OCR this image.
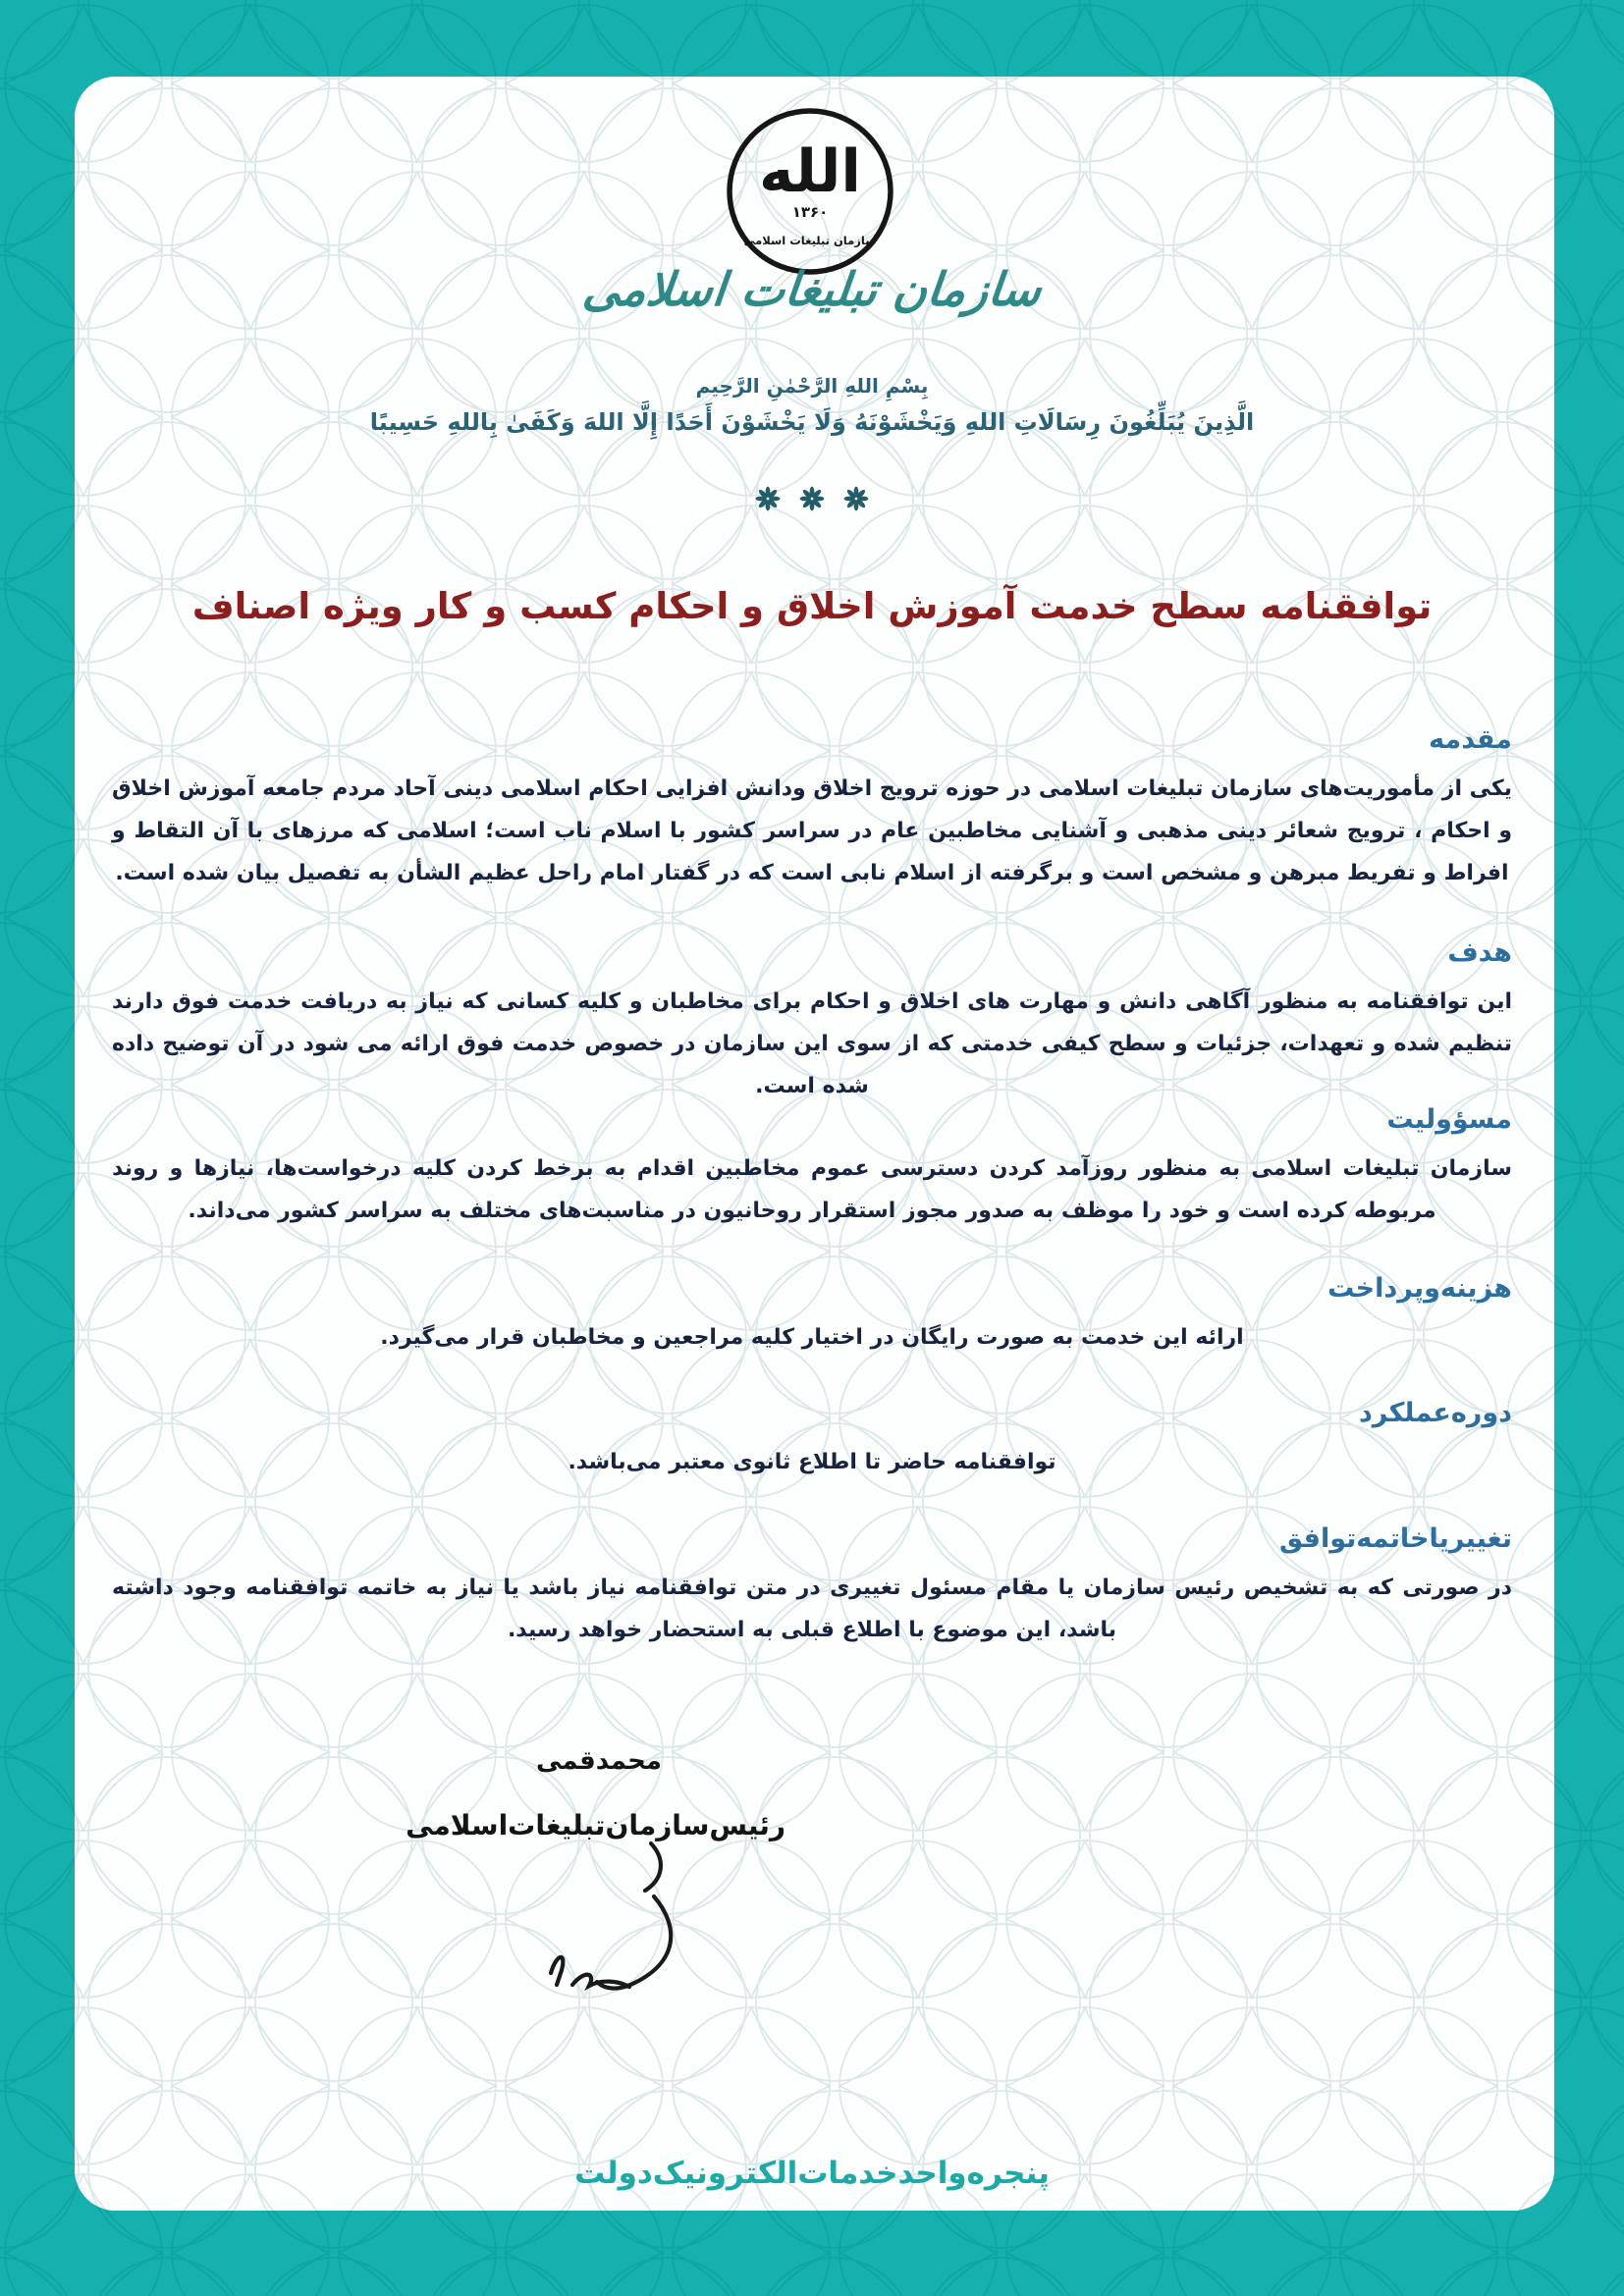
الله
۱۳۶۰
سازمان تبلیغات اسلامی
سازمان تبلیغات اسلامی
بِسْمِ اللهِ الرَّحْمٰنِ الرَّحِيم
الَّذِينَ يُبَلِّغُونَ رِسَالَاتِ اللهِ وَيَخْشَوْنَهُ وَلَا يَخْشَوْنَ أَحَدًا إِلَّا اللهَ وَكَفَىٰ بِاللهِ حَسِيبًا
توافقنامه سطح خدمت آموزش اخلاق و احکام کسب و کار ویژه اصناف
مقدمه
یکی از مأموریت‌های سازمان تبلیغات اسلامی در حوزه ترویج اخلاق ودانش افزایی احکام اسلامی دینی آحاد مردم جامعه آموزش اخلاق و احکام ، ترویج شعائر دینی مذهبی و آشنایی مخاطبین عام در سراسر کشور با اسلام ناب است؛ اسلامی که مرزهای با آن التقاط و افراط و تفریط مبرهن و مشخص است و برگرفته از اسلام نابی است که در گفتار امام راحل عظیم الشأن به تفصیل بیان شده است.
هدف
این توافقنامه به منظور آگاهی دانش و مهارت های اخلاق و احکام برای مخاطبان و کلیه کسانی که نیاز به دریافت خدمت فوق دارند تنظیم شده و تعهدات، جزئیات و سطح کیفی خدمتی که از سوی این سازمان در خصوص خدمت فوق ارائه می شود در آن توضیح داده شده است.
مسؤولیت
سازمان تبلیغات اسلامی به منظور روزآمد کردن دسترسی عموم مخاطبین اقدام به برخط کردن کلیه درخواست‌ها، نیازها و روند مربوطه کرده است و خود را موظف به صدور مجوز استقرار روحانیون در مناسبت‌های مختلف به سراسر کشور می‌داند.
هزینه‌وپرداخت
ارائه این خدمت به صورت رایگان در اختیار کلیه مراجعین و مخاطبان قرار می‌گیرد.
دوره‌عملکرد
توافقنامه حاضر تا اطلاع ثانوی معتبر می‌باشد.
تغییر‌یا‌خاتمه‌توافق
در صورتی که به تشخیص رئیس سازمان یا مقام مسئول تغییری در متن توافقنامه نیاز باشد یا نیاز به خاتمه توافقنامه وجود داشته باشد، این موضوع با اطلاع قبلی به استحضار خواهد رسید.
محمدقمی
رئیس‌سازمان‌تبلیغات‌اسلامی
پنجره‌واحد‌خدمات‌الکترونیک‌دولت
